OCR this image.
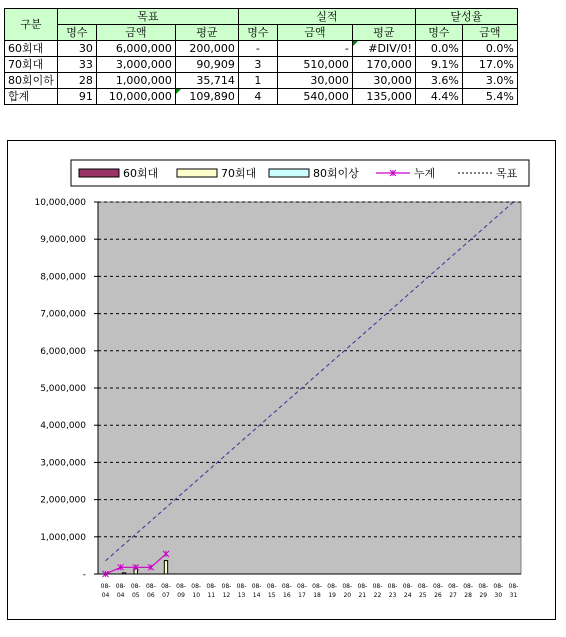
구분	목표			실적			달성율	
	명수	금액	평균	명수	금액	평균	명수	금액
60회대	30	6,000,000	200,000	-	-	#DIV/0!	0.0%	0.0%
70회대	33	3,000,000	90,909	3	510,000	170,000	9.1%	17.0%
80회이하	28	1,000,000	35,714	1	30,000	30,000	3.6%	3.0%
합계	91	10,000,000	109,890	4	540,000	135,000	4.4%	5.4%
-
1,000,000
2,000,000
3,000,000
4,000,000
5,000,000
6,000,000
7,000,000
8,000,000
9,000,000
10,000,000
08-04
08-04
08-05
08-06
08-07
08-09
08-10
08-11
08-12
08-13
08-14
08-15
08-16
08-17
08-18
08-19
08-20
08-21
08-22
08-23
08-24
08-25
08-26
08-27
08-28
08-29
08-30
08-31
60회대	70회대	80회이상	누계	목표
